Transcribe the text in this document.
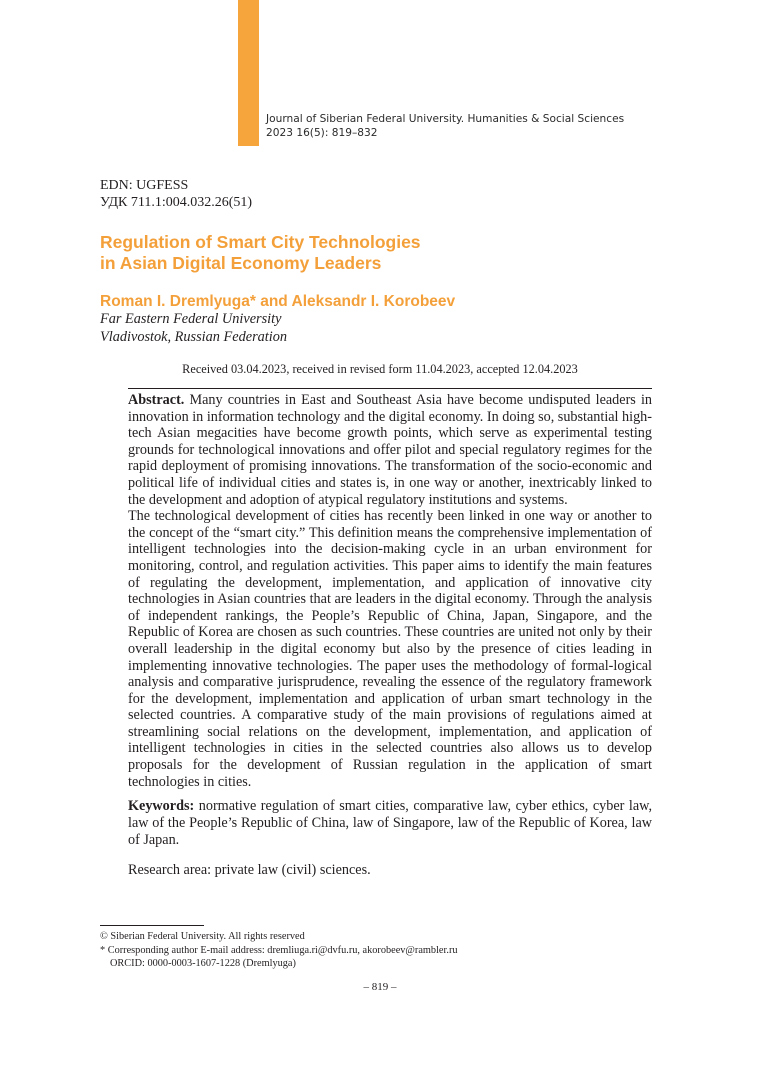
Journal of Siberian Federal University. Humanities & Social Sciences
2023 16(5): 819–832
EDN: UGFESS
УДК 711.1:004.032.26(51)
Regulation of Smart City Technologies
in Asian Digital Economy Leaders
Roman I. Dremlyuga* and Aleksandr I. Korobeev
Far Eastern Federal University
Vladivostok, Russian Federation
Received 03.04.2023, received in revised form 11.04.2023, accepted 12.04.2023

Abstract. Many countries in East and Southeast Asia have become undisputed leaders in innovation in information technology and the digital economy. In doing so, substantial high-tech Asian megacities have become growth points, which serve as experimental testing grounds for technological innovations and offer pilot and special regulatory regimes for the rapid deployment of promising innovations. The transformation of the socio-economic and political life of individual cities and states is, in one way or another, inextricably linked to the development and adoption of atypical regulatory institutions and systems.

The technological development of cities has recently been linked in one way or another to the concept of the “smart city.” This definition means the comprehensive implementation of intelligent technologies into the decision-making cycle in an urban environment for monitoring, control, and regulation activities. This paper aims to identify the main features of regulating the development, implementation, and application of innovative city technologies in Asian countries that are leaders in the digital economy. Through the analysis of independent rankings, the People’s Republic of China, Japan, Singapore, and the Republic of Korea are chosen as such countries. These countries are united not only by their overall leadership in the digital economy but also by the presence of cities leading in implementing innovative technologies. The paper uses the methodology of formal-logical analysis and comparative jurisprudence, revealing the essence of the regulatory framework for the development, implementation and application of urban smart technology in the selected countries. A comparative study of the main provisions of regulations aimed at streamlining social relations on the development, implementation, and application of intelligent technologies in cities in the selected countries also allows us to develop proposals for the development of Russian regulation in the application of smart technologies in cities.

Keywords: normative regulation of smart cities, comparative law, cyber ethics, cyber law, law of the People’s Republic of China, law of Singapore, law of the Republic of Korea, law of Japan.
Research area: private law (civil) sciences.
© Siberian Federal University. All rights reserved
* Corresponding author E-mail address: dremliuga.ri@dvfu.ru, akorobeev@rambler.ru
ORCID: 0000-0003-1607-1228 (Dremlyuga)
– 819 –
